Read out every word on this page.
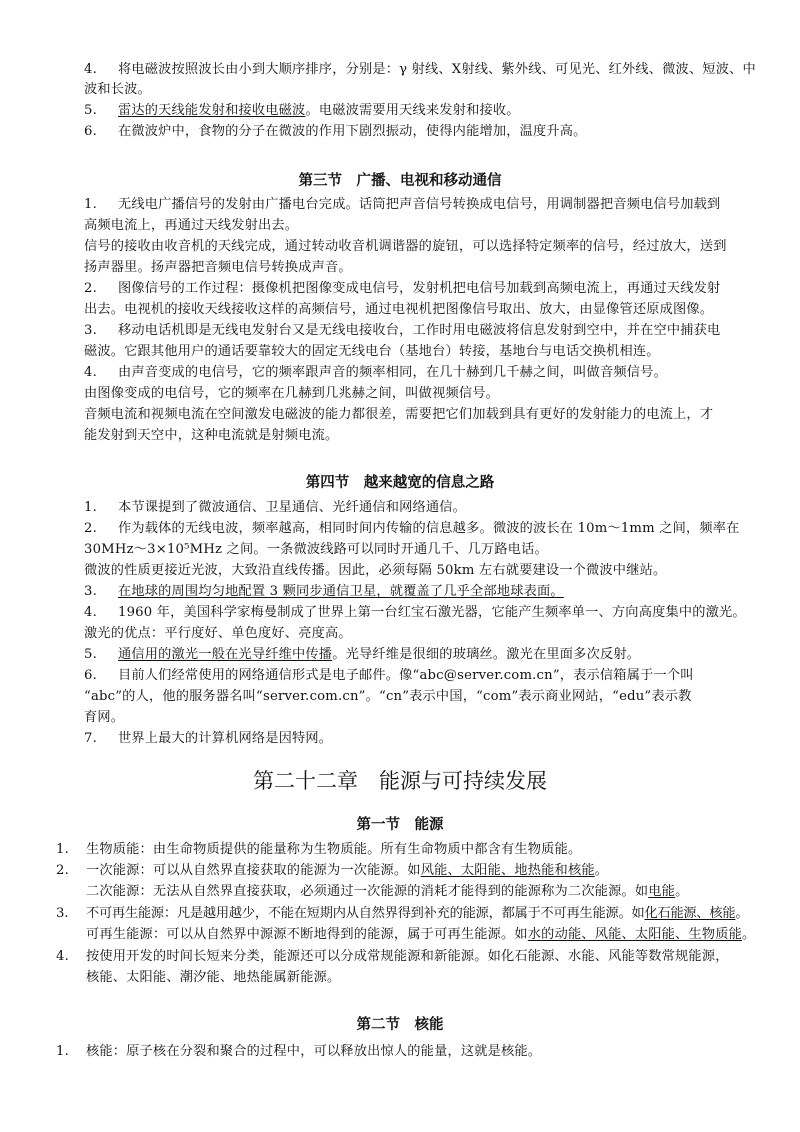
4. 将电磁波按照波长由小到大顺序排序，分别是：γ 射线、X射线、紫外线、可见光、红外线、微波、短波、中
波和长波。
5. 雷达的天线能发射和接收电磁波。电磁波需要用天线来发射和接收。
6. 在微波炉中，食物的分子在微波的作用下剧烈振动，使得内能增加，温度升高。
第三节　广播、电视和移动通信
1. 无线电广播信号的发射由广播电台完成。话筒把声音信号转换成电信号，用调制器把音频电信号加载到
高频电流上，再通过天线发射出去。
信号的接收由收音机的天线完成，通过转动收音机调谐器的旋钮，可以选择特定频率的信号，经过放大，送到
扬声器里。扬声器把音频电信号转换成声音。
2. 图像信号的工作过程：摄像机把图像变成电信号，发射机把电信号加载到高频电流上，再通过天线发射
出去。电视机的接收天线接收这样的高频信号，通过电视机把图像信号取出、放大，由显像管还原成图像。
3. 移动电话机即是无线电发射台又是无线电接收台，工作时用电磁波将信息发射到空中，并在空中捕获电
磁波。它跟其他用户的通话要靠较大的固定无线电台（基地台）转接，基地台与电话交换机相连。
4. 由声音变成的电信号，它的频率跟声音的频率相同，在几十赫到几千赫之间，叫做音频信号。
由图像变成的电信号，它的频率在几赫到几兆赫之间，叫做视频信号。
音频电流和视频电流在空间激发电磁波的能力都很差，需要把它们加载到具有更好的发射能力的电流上，才
能发射到天空中，这种电流就是射频电流。
第四节　越来越宽的信息之路
1. 本节课提到了微波通信、卫星通信、光纤通信和网络通信。
2. 作为载体的无线电波，频率越高，相同时间内传输的信息越多。微波的波长在 10m～1mm 之间，频率在
30MHz～3×10⁵MHz 之间。一条微波线路可以同时开通几千、几万路电话。
微波的性质更接近光波，大致沿直线传播。因此，必须每隔 50km 左右就要建设一个微波中继站。
3. 在地球的周围均匀地配置 3 颗同步通信卫星，就覆盖了几乎全部地球表面。
4. 1960 年，美国科学家梅曼制成了世界上第一台红宝石激光器，它能产生频率单一、方向高度集中的激光。
激光的优点：平行度好、单色度好、亮度高。
5. 通信用的激光一般在光导纤维中传播。光导纤维是很细的玻璃丝。激光在里面多次反射。
6. 目前人们经常使用的网络通信形式是电子邮件。像“abc@server.com.cn”，表示信箱属于一个叫
“abc”的人，他的服务器名叫“server.com.cn”。“cn”表示中国，“com”表示商业网站，“edu”表示教
育网。
7. 世界上最大的计算机网络是因特网。
第二十二章　能源与可持续发展
第一节　能源
1. 生物质能：由生命物质提供的能量称为生物质能。所有生命物质中都含有生物质能。
2. 一次能源：可以从自然界直接获取的能源为一次能源。如风能、太阳能、地热能和核能。
二次能源：无法从自然界直接获取，必须通过一次能源的消耗才能得到的能源称为二次能源。如电能。
3. 不可再生能源：凡是越用越少，不能在短期内从自然界得到补充的能源，都属于不可再生能源。如化石能源、核能。
可再生能源：可以从自然界中源源不断地得到的能源，属于可再生能源。如水的动能、风能、太阳能、生物质能。
4. 按使用开发的时间长短来分类，能源还可以分成常规能源和新能源。如化石能源、水能、风能等数常规能源，
核能、太阳能、潮汐能、地热能属新能源。
第二节　核能
1. 核能：原子核在分裂和聚合的过程中，可以释放出惊人的能量，这就是核能。
